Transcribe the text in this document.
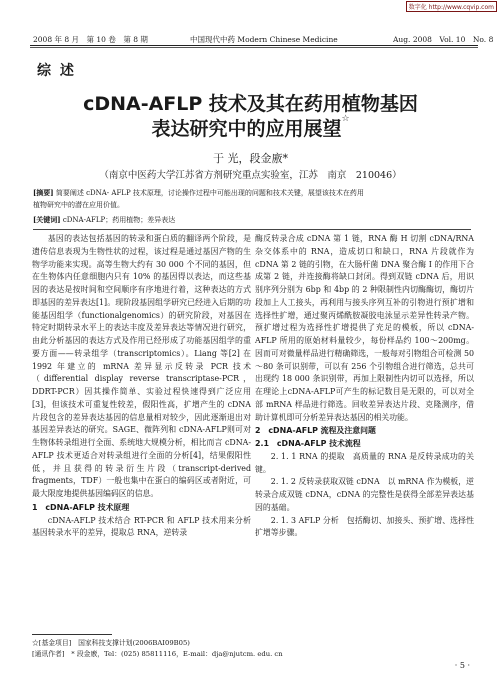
数字化 http://www.cqvip.com
2008 年 8 月　第 10 卷　第 8 期	中国现代中药 Modern Chinese Medicine	Aug. 2008　Vol. 10　No. 8
综 述
cDNA-AFLP 技术及其在药用植物基因
表达研究中的应用展望☆
于 光，段金廒*
（南京中医药大学江苏省方剂研究重点实验室，江苏　南京　210046）
[摘要] 简要阐述 cDNA- AFLP 技术原理，讨论操作过程中可能出现的问题和技术关键，展望该技术在药用
植物研究中的潜在应用价值。
[关键词] cDNA-AFLP；药用植物；差异表达

基因的表达包括基因的转录和蛋白质的翻译两个阶段，是遗传信息表现为生物性状的过程，该过程是通过基因产物的生物学功能来实现。高等生物大约有 30 000 个不同的基因，但在生物体内任意细胞内只有 10% 的基因得以表达，而这些基因的表达是按时间和空间顺序有序地进行着，这种表达的方式即基因的差异表达[1]。现阶段基因组学研究已经进入后期的功能基因组学（functionalgenomics）的研究阶段，对基因在特定时期转录水平上的表达丰度及差异表达等情况进行研究，由此分析基因的表达方式及作用已经形成了功能基因组学的重要方面——转录组学（transcriptomics）。Liang 等[2] 在 1992 年建立的 mRNA 差异显示反转录 PCR 技术（differential display reverse transcriptase-PCR，DDRT-PCR）因其操作简单、实验过程快速得到广泛应用[3]，但该技术可重复性较差，假阳性高，扩增产生的 cDNA 片段包含的差异表达基因的信息量相对较少，因此逐渐退出对基因差异表达的研究。SAGE、微阵列和 cDNA-AFLP则可对生物体转录组进行全面、系统地大规模分析，相比而言 cDNA-AFLP 技术更适合对转录组进行全面的分析[4]，结果假阳性低，并且获得的转录衍生片段（transcript-derived fragments，TDF）一般也集中在蛋白的编码区或者附近，可最大限度地提供基因编码区的信息。

1　cDNA-AFLP 技术原理

cDNA-AFLP 技术结合 RT-PCR 和 AFLP 技术用来分析基因转录水平的差异，提取总 RNA，逆转录

酶反转录合成 cDNA 第 1 链，RNA 酶 H 切割 cDNA/RNA 杂交体系中的 RNA，造成切口和缺口，RNA 片段就作为 cDNA 第 2 链的引物，在大肠杆菌 DNA 聚合酶 I 的作用下合成第 2 链，并连接酶将缺口封闭。得到双链 cDNA 后，用识别序列分别为 6bp 和 4bp 的 2 种限制性内切酶酶切，酶切片段加上人工接头，再利用与接头序列互补的引物进行预扩增和选择性扩增，通过聚丙烯酰胺凝胶电泳显示差异性转录产物。预扩增过程为选择性扩增提供了充足的模板，所以 cDNA-AFLP 所用的原始材料量较少，每份样品约 100～200mg。因而可对微量样品进行精确筛选，一般每对引物组合可检测 50～80 条可识别带，可以有 256 个引物组合进行筛选，总共可出现约 18 000 条识别带，再加上限制性内切可以选择，所以在理论上cDNA-AFLP可产生的标记数目是无限的，可以对全部 mRNA 样品进行筛选。回收差异表达片段、克隆测序，借助计算机即可分析差异表达基因的相关功能。

2　cDNA-AFLP 流程及注意问题

2.1　cDNA-AFLP 技术流程

2. 1. 1 RNA 的提取　高质量的 RNA 是反转录成功的关键。

2. 1. 2 反转录获取双链 cDNA　以 mRNA 作为模板，逆转录合成双链 cDNA，cDNA 的完整性是获得全部差异表达基因的基础。

2. 1. 3 AFLP 分析　包括酶切、加接头、预扩增、选择性扩增等步骤。

☆[基金项目]　国家科技支撑计划(2006BAI09B05)
[通讯作者]　* 段金廒，Tel：(025) 85811116，E-mail：dja@njutcm. edu. cn
· 5 ·
